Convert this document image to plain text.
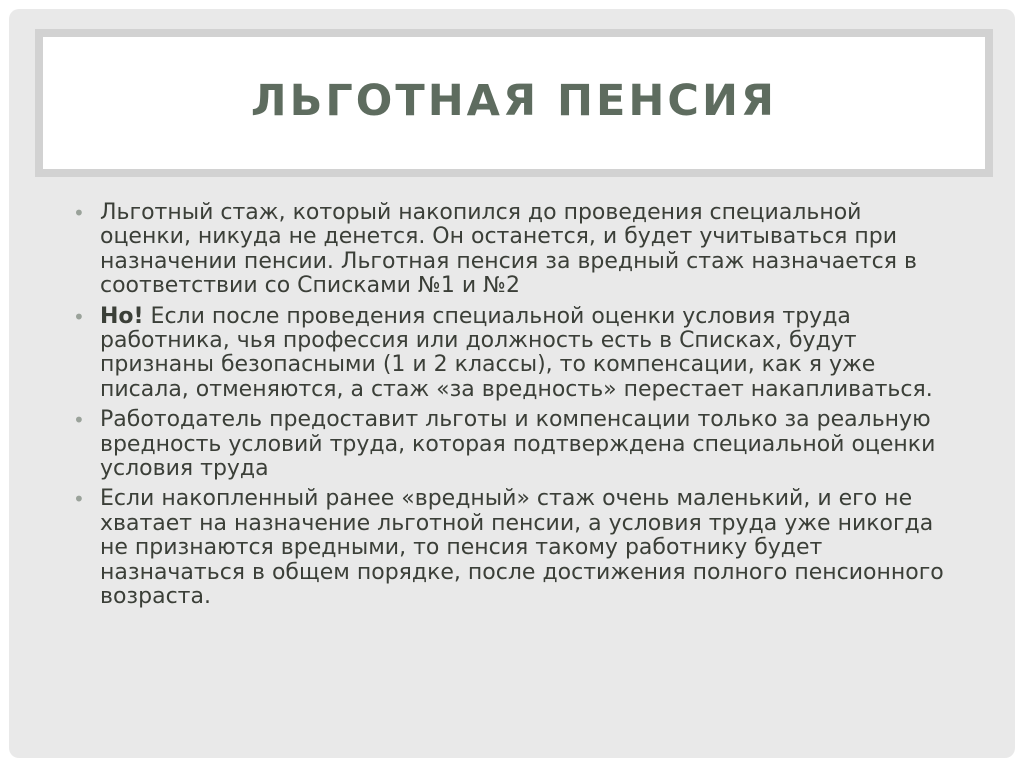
ЛЬГОТНАЯ ПЕНСИЯ
• Льготный стаж, который накопился до проведения специальной оценки, никуда не денется. Он останется, и будет учитываться при назначении пенсии. Льготная пенсия за вредный стаж назначается в соответствии со Списками №1 и №2
• Но! Если после проведения специальной оценки условия труда работника, чья профессия или должность есть в Списках, будут признаны безопасными (1 и 2 классы), то компенсации, как я уже писала, отменяются, а стаж «за вредность» перестает накапливаться.
• Работодатель предоставит льготы и компенсации только за реальную вредность условий труда, которая подтверждена специальной оценки условия труда
• Если накопленный ранее «вредный» стаж очень маленький, и его не хватает на назначение льготной пенсии, а условия труда уже никогда не признаются вредными, то пенсия такому работнику будет назначаться в общем порядке, после достижения полного пенсионного возраста.
